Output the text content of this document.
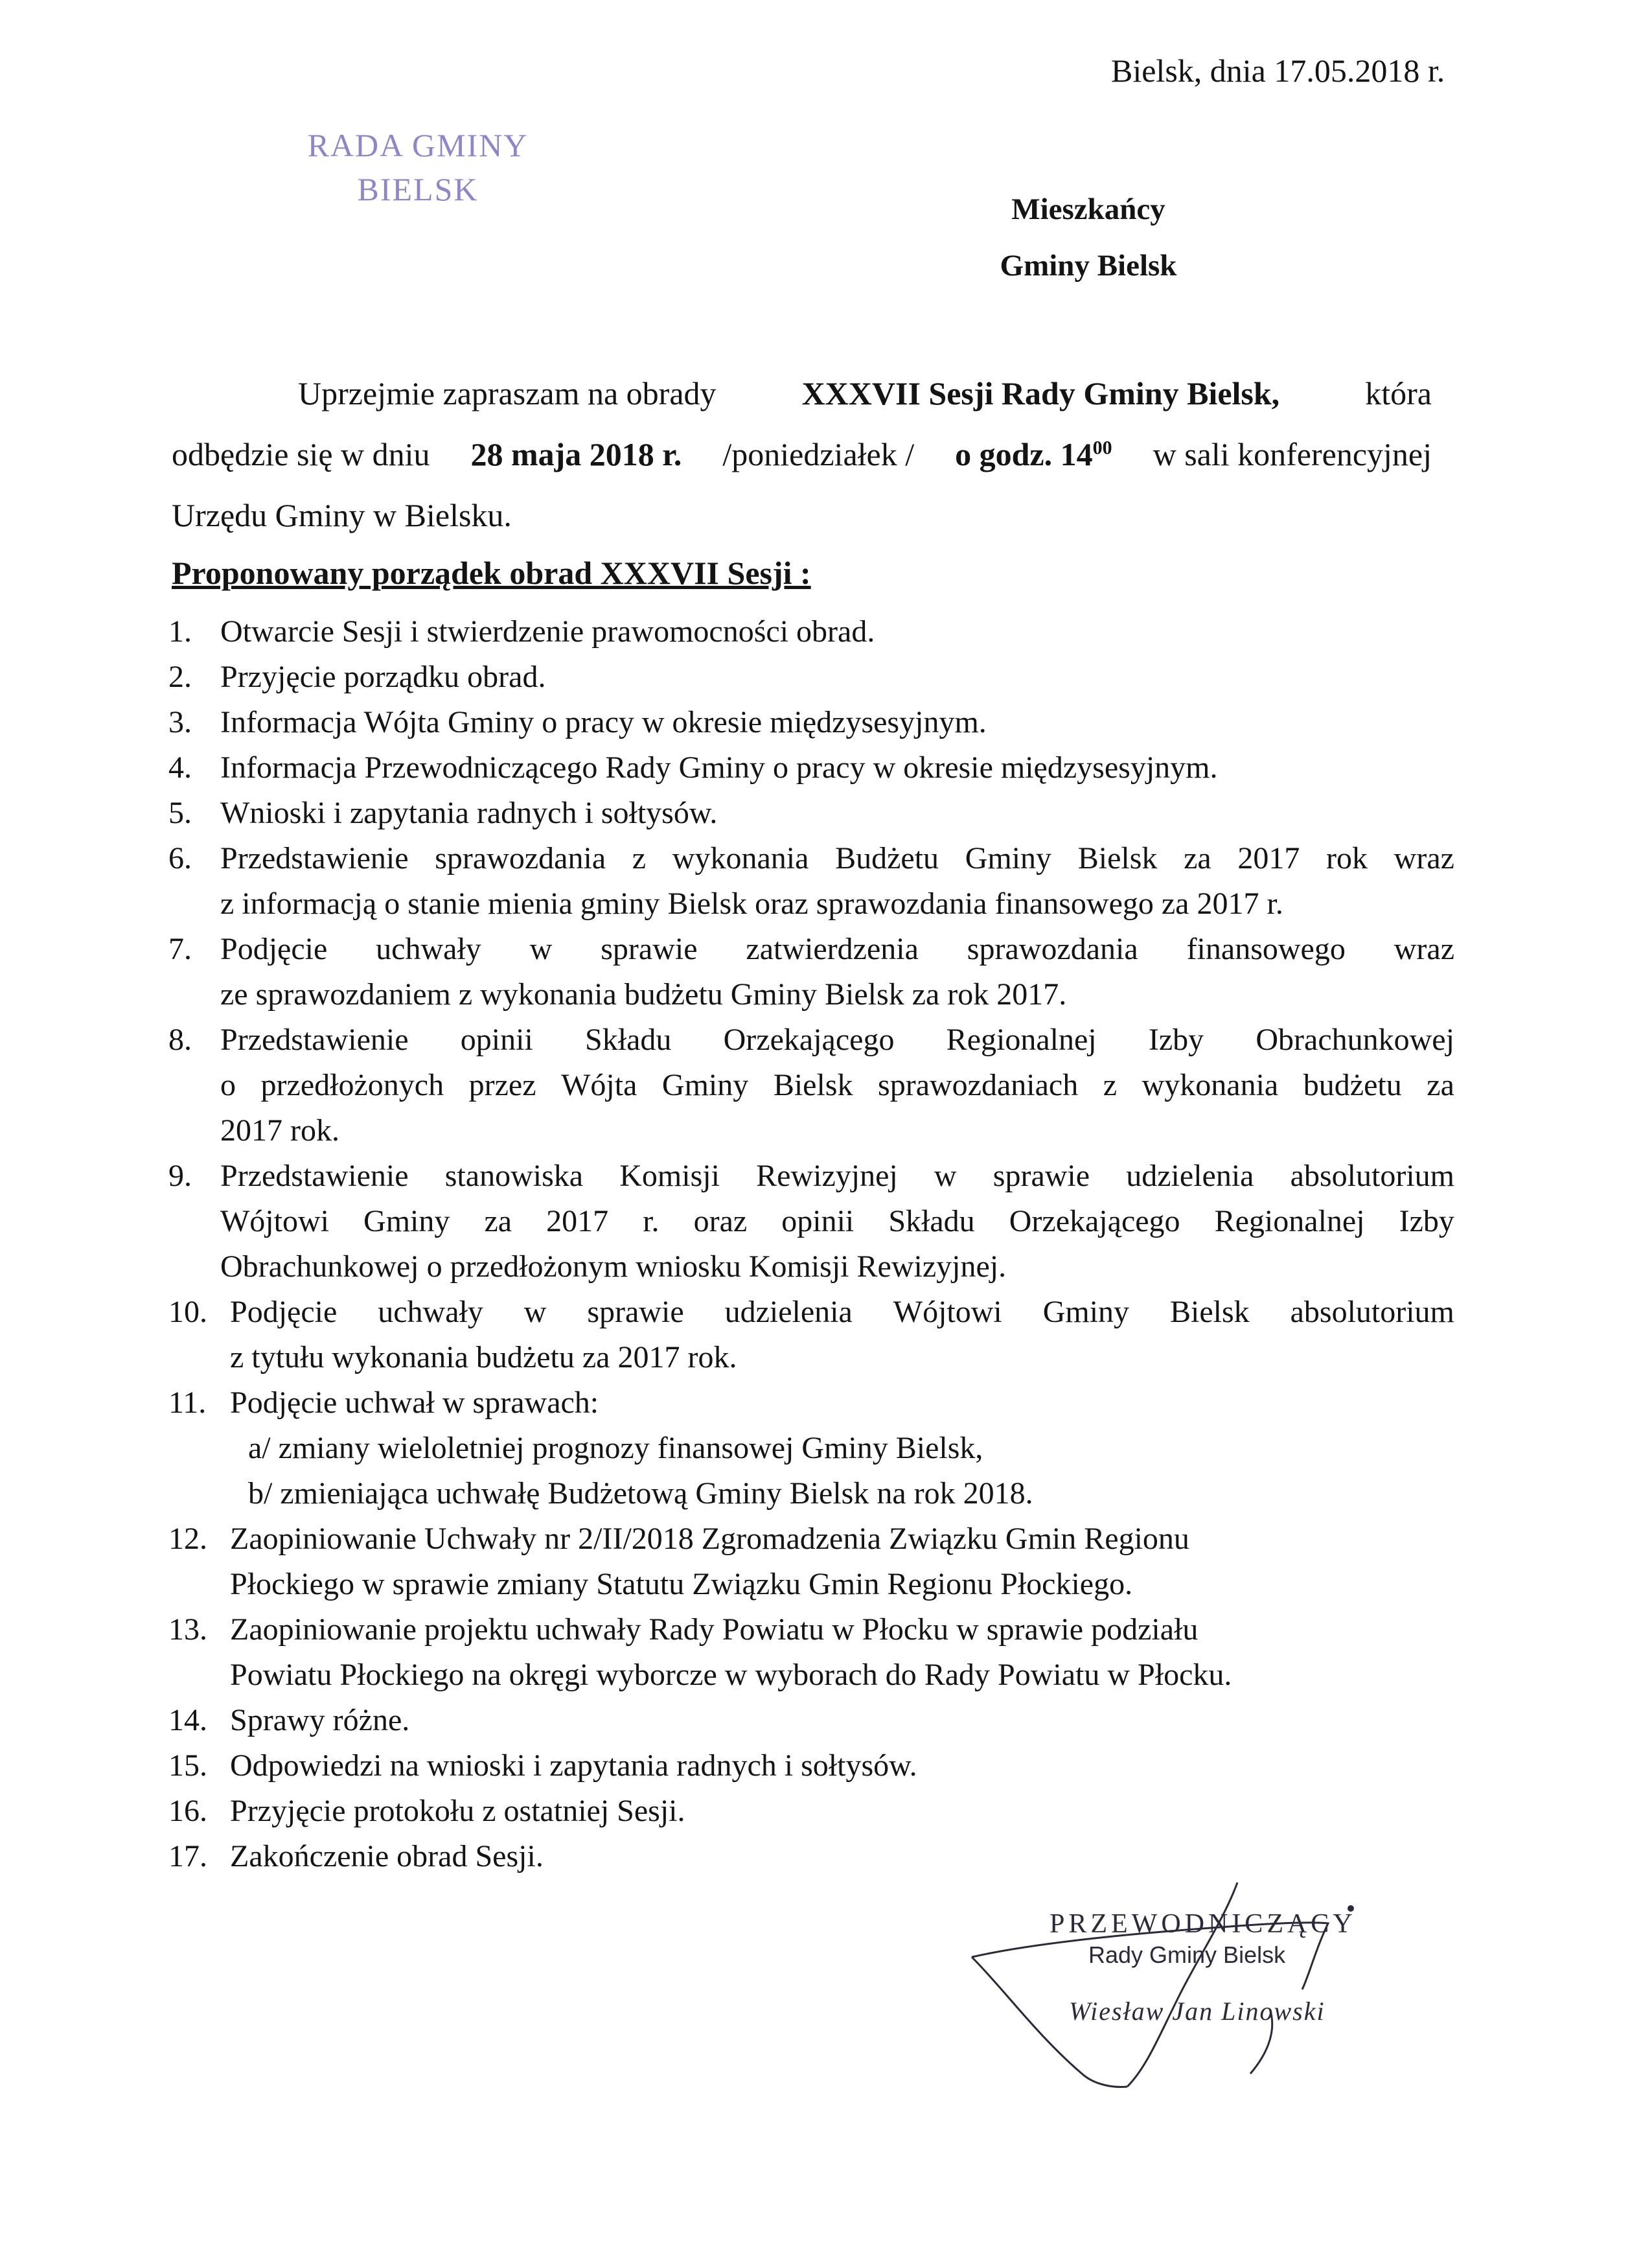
RADA GMINY
BIELSK
Bielsk, dnia 17.05.2018 r.
Mieszkańcy
Gminy Bielsk
Uprzejmie zapraszam na obrady	XXXVII Sesji Rady Gminy Bielsk,	która
odbędzie się w dniu 28 maja 2018 r. /poniedziałek / o godz. $14^{00}$ w sali konferencyjnej
Urzędu Gminy w Bielsku.
Proponowany porządek obrad XXXVII Sesji :
1. Otwarcie Sesji i stwierdzenie prawomocności obrad.
2. Przyjęcie porządku obrad.
3. Informacja Wójta Gminy o pracy w okresie międzysesyjnym.
4. Informacja Przewodniczącego Rady Gminy o pracy w okresie międzysesyjnym.
5. Wnioski i zapytania radnych i sołtysów.
6. Przedstawienie sprawozdania z wykonania Budżetu Gminy Bielsk za 2017 rok wraz
z informacją o stanie mienia gminy Bielsk oraz sprawozdania finansowego za 2017 r.
7. Podjęcie uchwały w sprawie zatwierdzenia sprawozdania finansowego wraz
ze sprawozdaniem z wykonania budżetu Gminy Bielsk za rok 2017.
8. Przedstawienie opinii Składu Orzekającego Regionalnej Izby Obrachunkowej
o przedłożonych przez Wójta Gminy Bielsk sprawozdaniach z wykonania budżetu za
2017 rok.
9. Przedstawienie stanowiska Komisji Rewizyjnej w sprawie udzielenia absolutorium
Wójtowi Gminy za 2017 r. oraz opinii Składu Orzekającego Regionalnej Izby
Obrachunkowej o przedłożonym wniosku Komisji Rewizyjnej.
10. Podjęcie uchwały w sprawie udzielenia Wójtowi Gminy Bielsk absolutorium
z tytułu wykonania budżetu za 2017 rok.
11. Podjęcie uchwał w sprawach:
a/ zmiany wieloletniej prognozy finansowej Gminy Bielsk,
b/ zmieniająca uchwałę Budżetową Gminy Bielsk na rok 2018.
12. Zaopiniowanie Uchwały nr 2/II/2018 Zgromadzenia Związku Gmin Regionu
Płockiego w sprawie zmiany Statutu Związku Gmin Regionu Płockiego.
13. Zaopiniowanie projektu uchwały Rady Powiatu w Płocku w sprawie podziału
Powiatu Płockiego na okręgi wyborcze w wyborach do Rady Powiatu w Płocku.
14. Sprawy różne.
15. Odpowiedzi na wnioski i zapytania radnych i sołtysów.
16. Przyjęcie protokołu z ostatniej Sesji.
17. Zakończenie obrad Sesji.
PRZEWODNICZĄCY
Rady Gminy Bielsk
Wiesław Jan Linowski
